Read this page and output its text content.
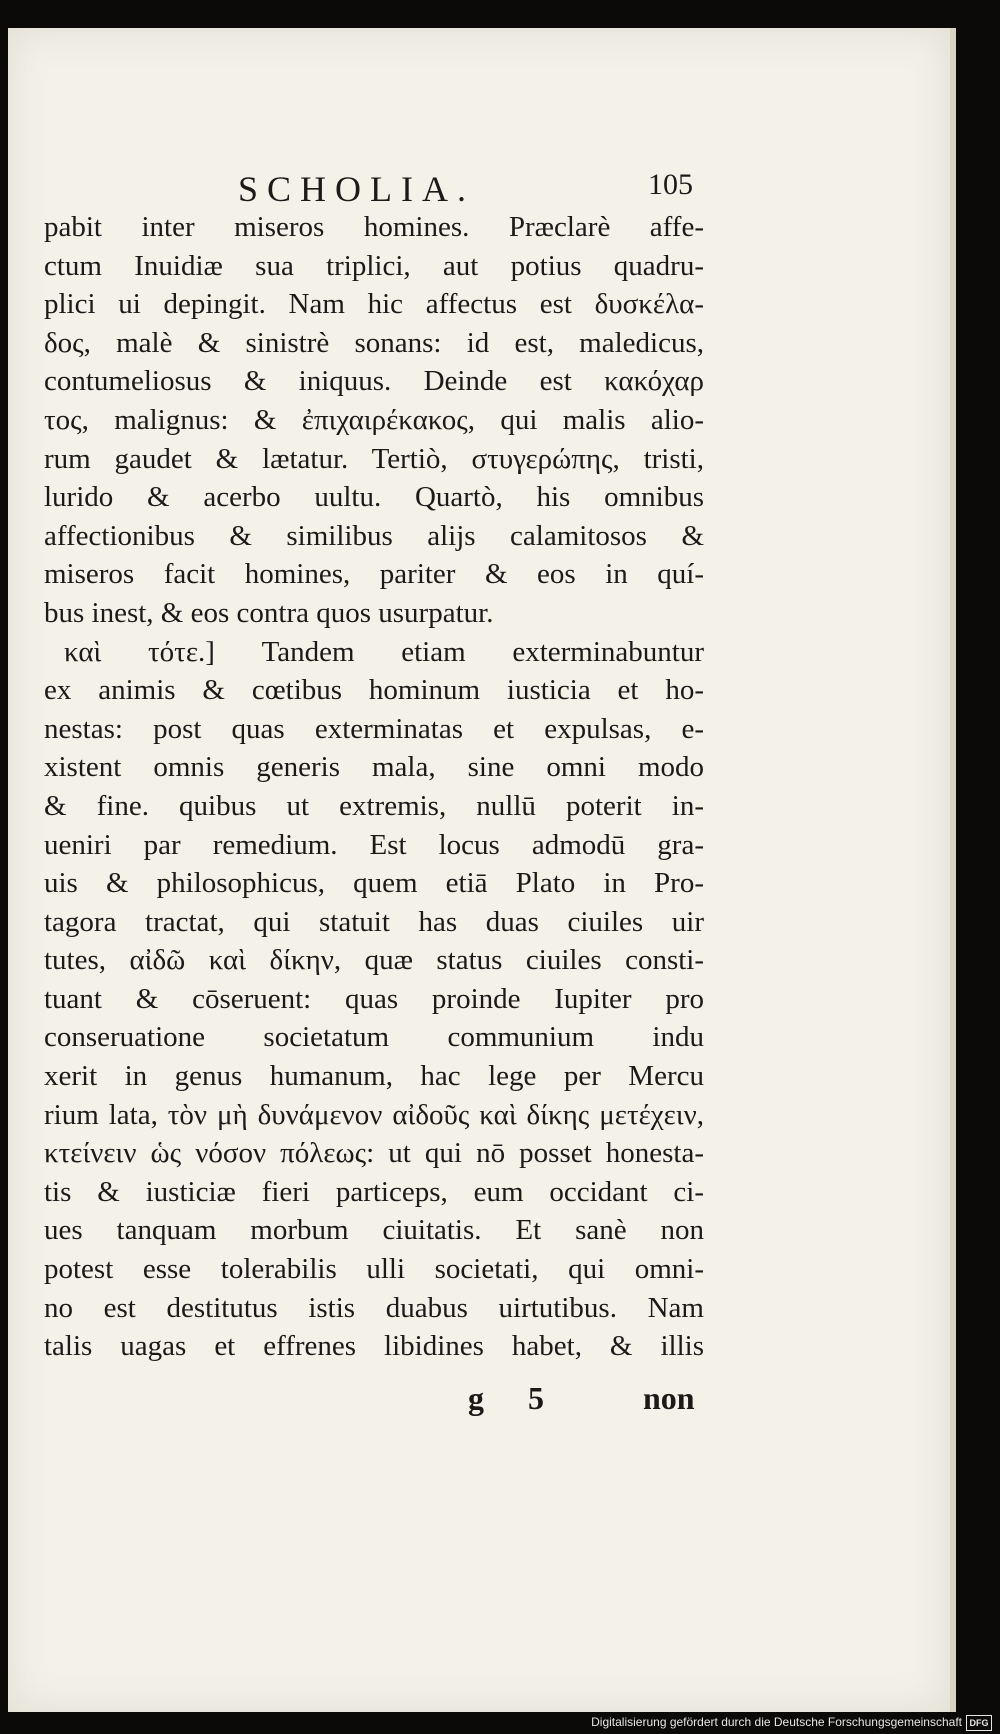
SCHOLIA.	105
pabit inter miseros homines. Præclarè affe-
ctum Inuidiæ sua triplici, aut potius quadru-
plici ui depingit. Nam hic affectus est δυσκέλα-
δος, malè & sinistrè sonans: id est, maledicus,
contumeliosus & iniquus. Deinde est κακόχαρ
τος, malignus: & ἐπιχαιρέκακος, qui malis alio-
rum gaudet & lætatur. Tertiò, στυγερώπης, tristi,
lurido & acerbo uultu. Quartò, his omnibus
affectionibus & similibus alijs calamitosos &
miseros facit homines, pariter & eos in quí-
bus inest, & eos contra quos usurpatur.
καὶ τότε.] Tandem etiam exterminabuntur
ex animis & cœtibus hominum iusticia et ho-
nestas: post quas exterminatas et expulsas, e-
xistent omnis generis mala, sine omni modo
& fine. quibus ut extremis, nullū poterit in-
ueniri par remedium. Est locus admodū gra-
uis & philosophicus, quem etiā Plato in Pro-
tagora tractat, qui statuit has duas ciuiles uir
tutes, αἰδῶ καὶ δίκην, quæ status ciuiles consti-
tuant & cōseruent: quas proinde Iupiter pro
conseruatione societatum communium indu
xerit in genus humanum, hac lege per Mercu
rium lata, τὸν μὴ δυνάμενον αἰδοῦς καὶ δίκης μετέχειν,
κτείνειν ὡς νόσον πόλεως: ut qui nō posset honesta-
tis & iusticiæ fieri particeps, eum occidant ci-
ues tanquam morbum ciuitatis. Et sanè non
potest esse tolerabilis ulli societati, qui omni-
no est destitutus istis duabus uirtutibus. Nam
talis uagas et effrenes libidines habet, & illis
g 5	non
Digitalisierung gefördert durch die Deutsche Forschungsgemeinschaft DFG
